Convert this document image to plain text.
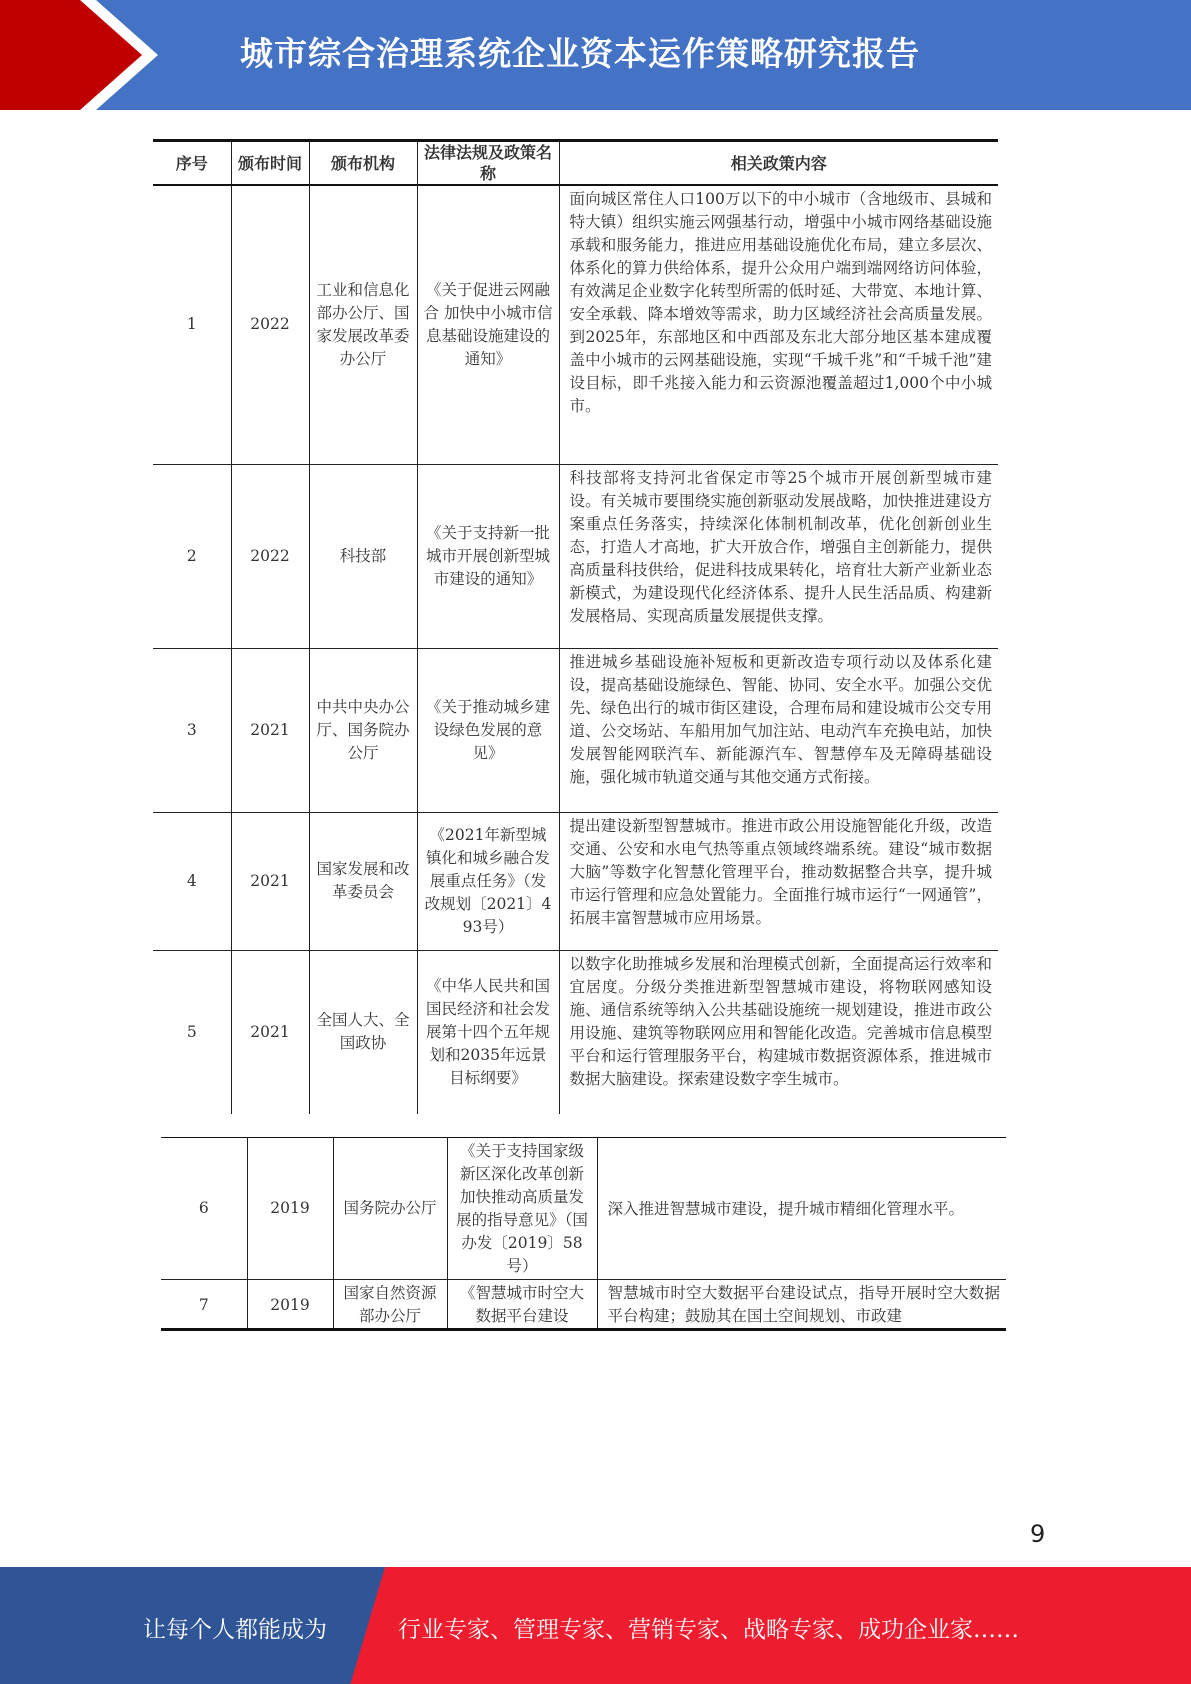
城市综合治理系统企业资本运作策略研究报告
序号	颁布时间	颁布机构	法律法规及政策名称	相关政策内容
1	2022	工业和信息化部办公厅、国家发展改革委办公厅	《关于促进云网融合 加快中小城市信息基础设施建设的通知》	面向城区常住人口100万以下的中小城市（含地级市、县城和特大镇）组织实施云网强基行动，增强中小城市网络基础设施承载和服务能力，推进应用基础设施优化布局，建立多层次、体系化的算力供给体系，提升公众用户端到端网络访问体验，有效满足企业数字化转型所需的低时延、大带宽、本地计算、安全承载、降本增效等需求，助力区域经济社会高质量发展。到2025年，东部地区和中西部及东北大部分地区基本建成覆盖中小城市的云网基础设施，实现“千城千兆”和“千城千池”建设目标，即千兆接入能力和云资源池覆盖超过1,000个中小城市。
2	2022	科技部	《关于支持新一批城市开展创新型城市建设的通知》	科技部将支持河北省保定市等25个城市开展创新型城市建设。有关城市要围绕实施创新驱动发展战略，加快推进建设方案重点任务落实，持续深化体制机制改革，优化创新创业生态，打造人才高地，扩大开放合作，增强自主创新能力，提供高质量科技供给，促进科技成果转化，培育壮大新产业新业态新模式，为建设现代化经济体系、提升人民生活品质、构建新发展格局、实现高质量发展提供支撑。
3	2021	中共中央办公厅、国务院办公厅	《关于推动城乡建设绿色发展的意见》	推进城乡基础设施补短板和更新改造专项行动以及体系化建设，提高基础设施绿色、智能、协同、安全水平。加强公交优先、绿色出行的城市街区建设，合理布局和建设城市公交专用道、公交场站、车船用加气加注站、电动汽车充换电站，加快发展智能网联汽车、新能源汽车、智慧停车及无障碍基础设施，强化城市轨道交通与其他交通方式衔接。
4	2021	国家发展和改革委员会	《2021年新型城镇化和城乡融合发展重点任务》（发改规划〔2021〕493号）	提出建设新型智慧城市。推进市政公用设施智能化升级，改造交通、公安和水电气热等重点领域终端系统。建设“城市数据大脑”等数字化智慧化管理平台，推动数据整合共享，提升城市运行管理和应急处置能力。全面推行城市运行“一网通管”，拓展丰富智慧城市应用场景。
5	2021	全国人大、全国政协	《中华人民共和国国民经济和社会发展第十四个五年规划和2035年远景目标纲要》	以数字化助推城乡发展和治理模式创新，全面提高运行效率和宜居度。分级分类推进新型智慧城市建设，将物联网感知设施、通信系统等纳入公共基础设施统一规划建设，推进市政公用设施、建筑等物联网应用和智能化改造。完善城市信息模型平台和运行管理服务平台，构建城市数据资源体系，推进城市数据大脑建设。探索建设数字孪生城市。
6	2019	国务院办公厅	《关于支持国家级新区深化改革创新加快推动高质量发展的指导意见》（国办发〔2019〕58号）	深入推进智慧城市建设，提升城市精细化管理水平。
7	2019	国家自然资源部办公厅	《智慧城市时空大数据平台建设	智慧城市时空大数据平台建设试点，指导开展时空大数据平台构建；鼓励其在国土空间规划、市政建
9
让每个人都能成为	行业专家、管理专家、营销专家、战略专家、成功企业家……
